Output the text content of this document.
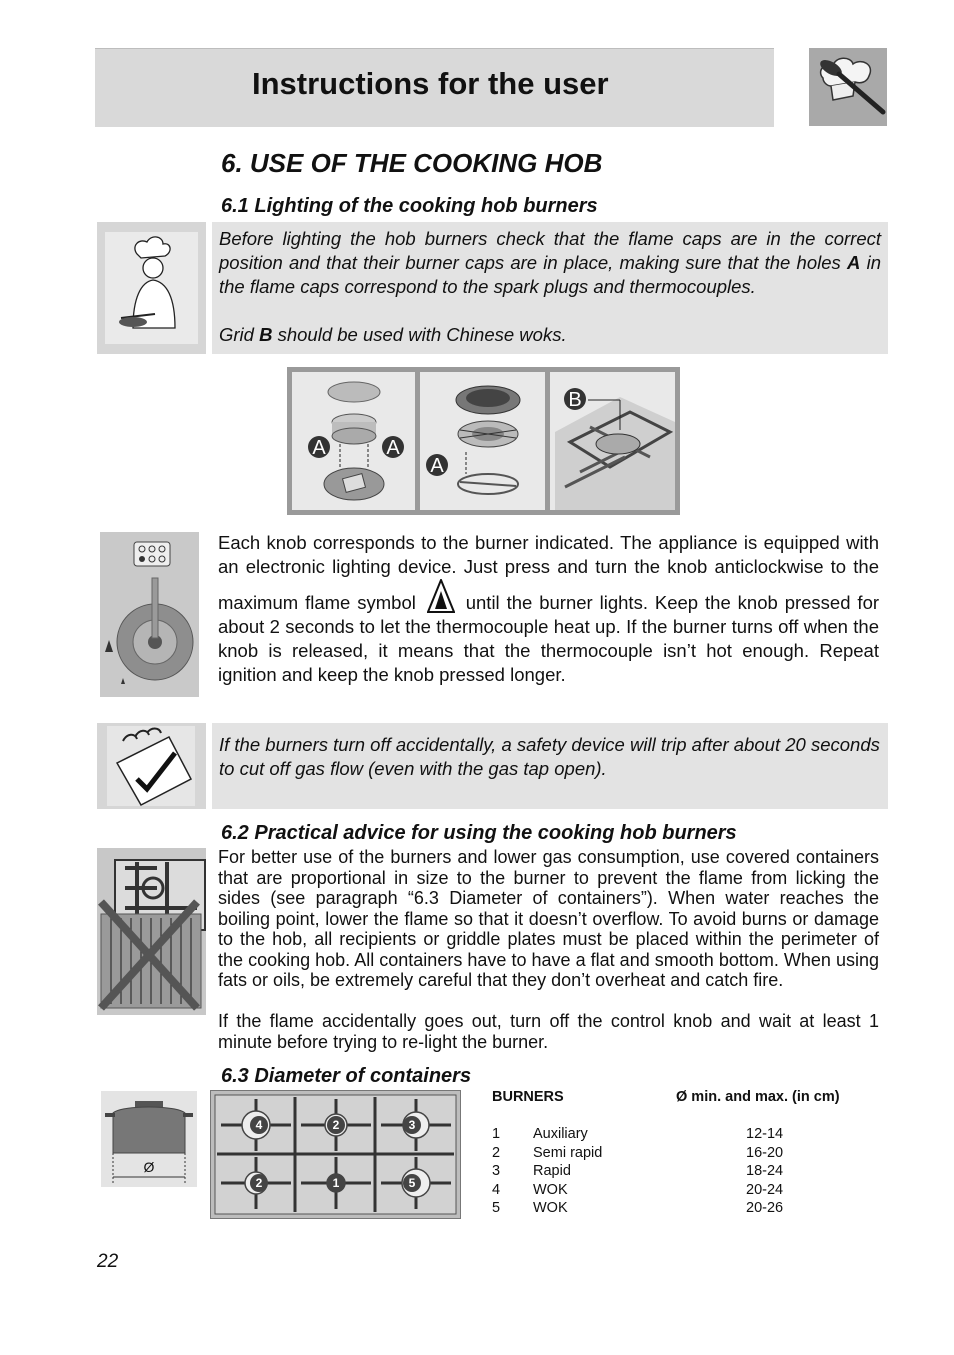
Instructions for the user
6. USE OF THE COOKING HOB
6.1 Lighting of the cooking hob burners
Before lighting the hob burners check that the flame caps are in the correct position and that their burner caps are in place, making sure that the holes A in the flame caps correspond to the spark plugs and thermocouples.
Grid B should be used with Chinese woks.
A	A
A
B
Each knob corresponds to the burner indicated. The appliance is equipped with an electronic lighting device. Just press and turn the knob anticlockwise to the maximum flame symbol	until the burner lights. Keep the knob pressed for about 2 seconds to let the thermocouple heat up. If the burner turns off when the knob is released, it means that the thermocouple isn’t hot enough. Repeat ignition and keep the knob pressed longer.
If the burners turn off accidentally, a safety device will trip after about 20 seconds to cut off gas flow (even with the gas tap open).
6.2 Practical advice for using the cooking hob burners
For better use of the burners and lower gas consumption, use covered containers that are proportional in size to the burner to prevent the flame from licking the sides (see paragraph “6.3 Diameter of containers”). When water reaches the boiling point, lower the flame so that it doesn’t overflow. To avoid burns or damage to the hob, all recipients or griddle plates must be placed within the perimeter of the cooking hob. All containers have to have a flat and smooth bottom. When using fats or oils, be extremely careful that they don’t overheat and catch fire.
If the flame accidentally goes out, turn off the control knob and wait at least 1 minute before trying to re-light the burner.
6.3 Diameter of containers
Ø
4	2	3
2	1	5
BURNERS	Ø min. and max. (in cm)
1 Auxiliary	12-14
2 Semi rapid	16-20
3 Rapid	18-24
4 WOK	20-24
5 WOK	20-26
22
